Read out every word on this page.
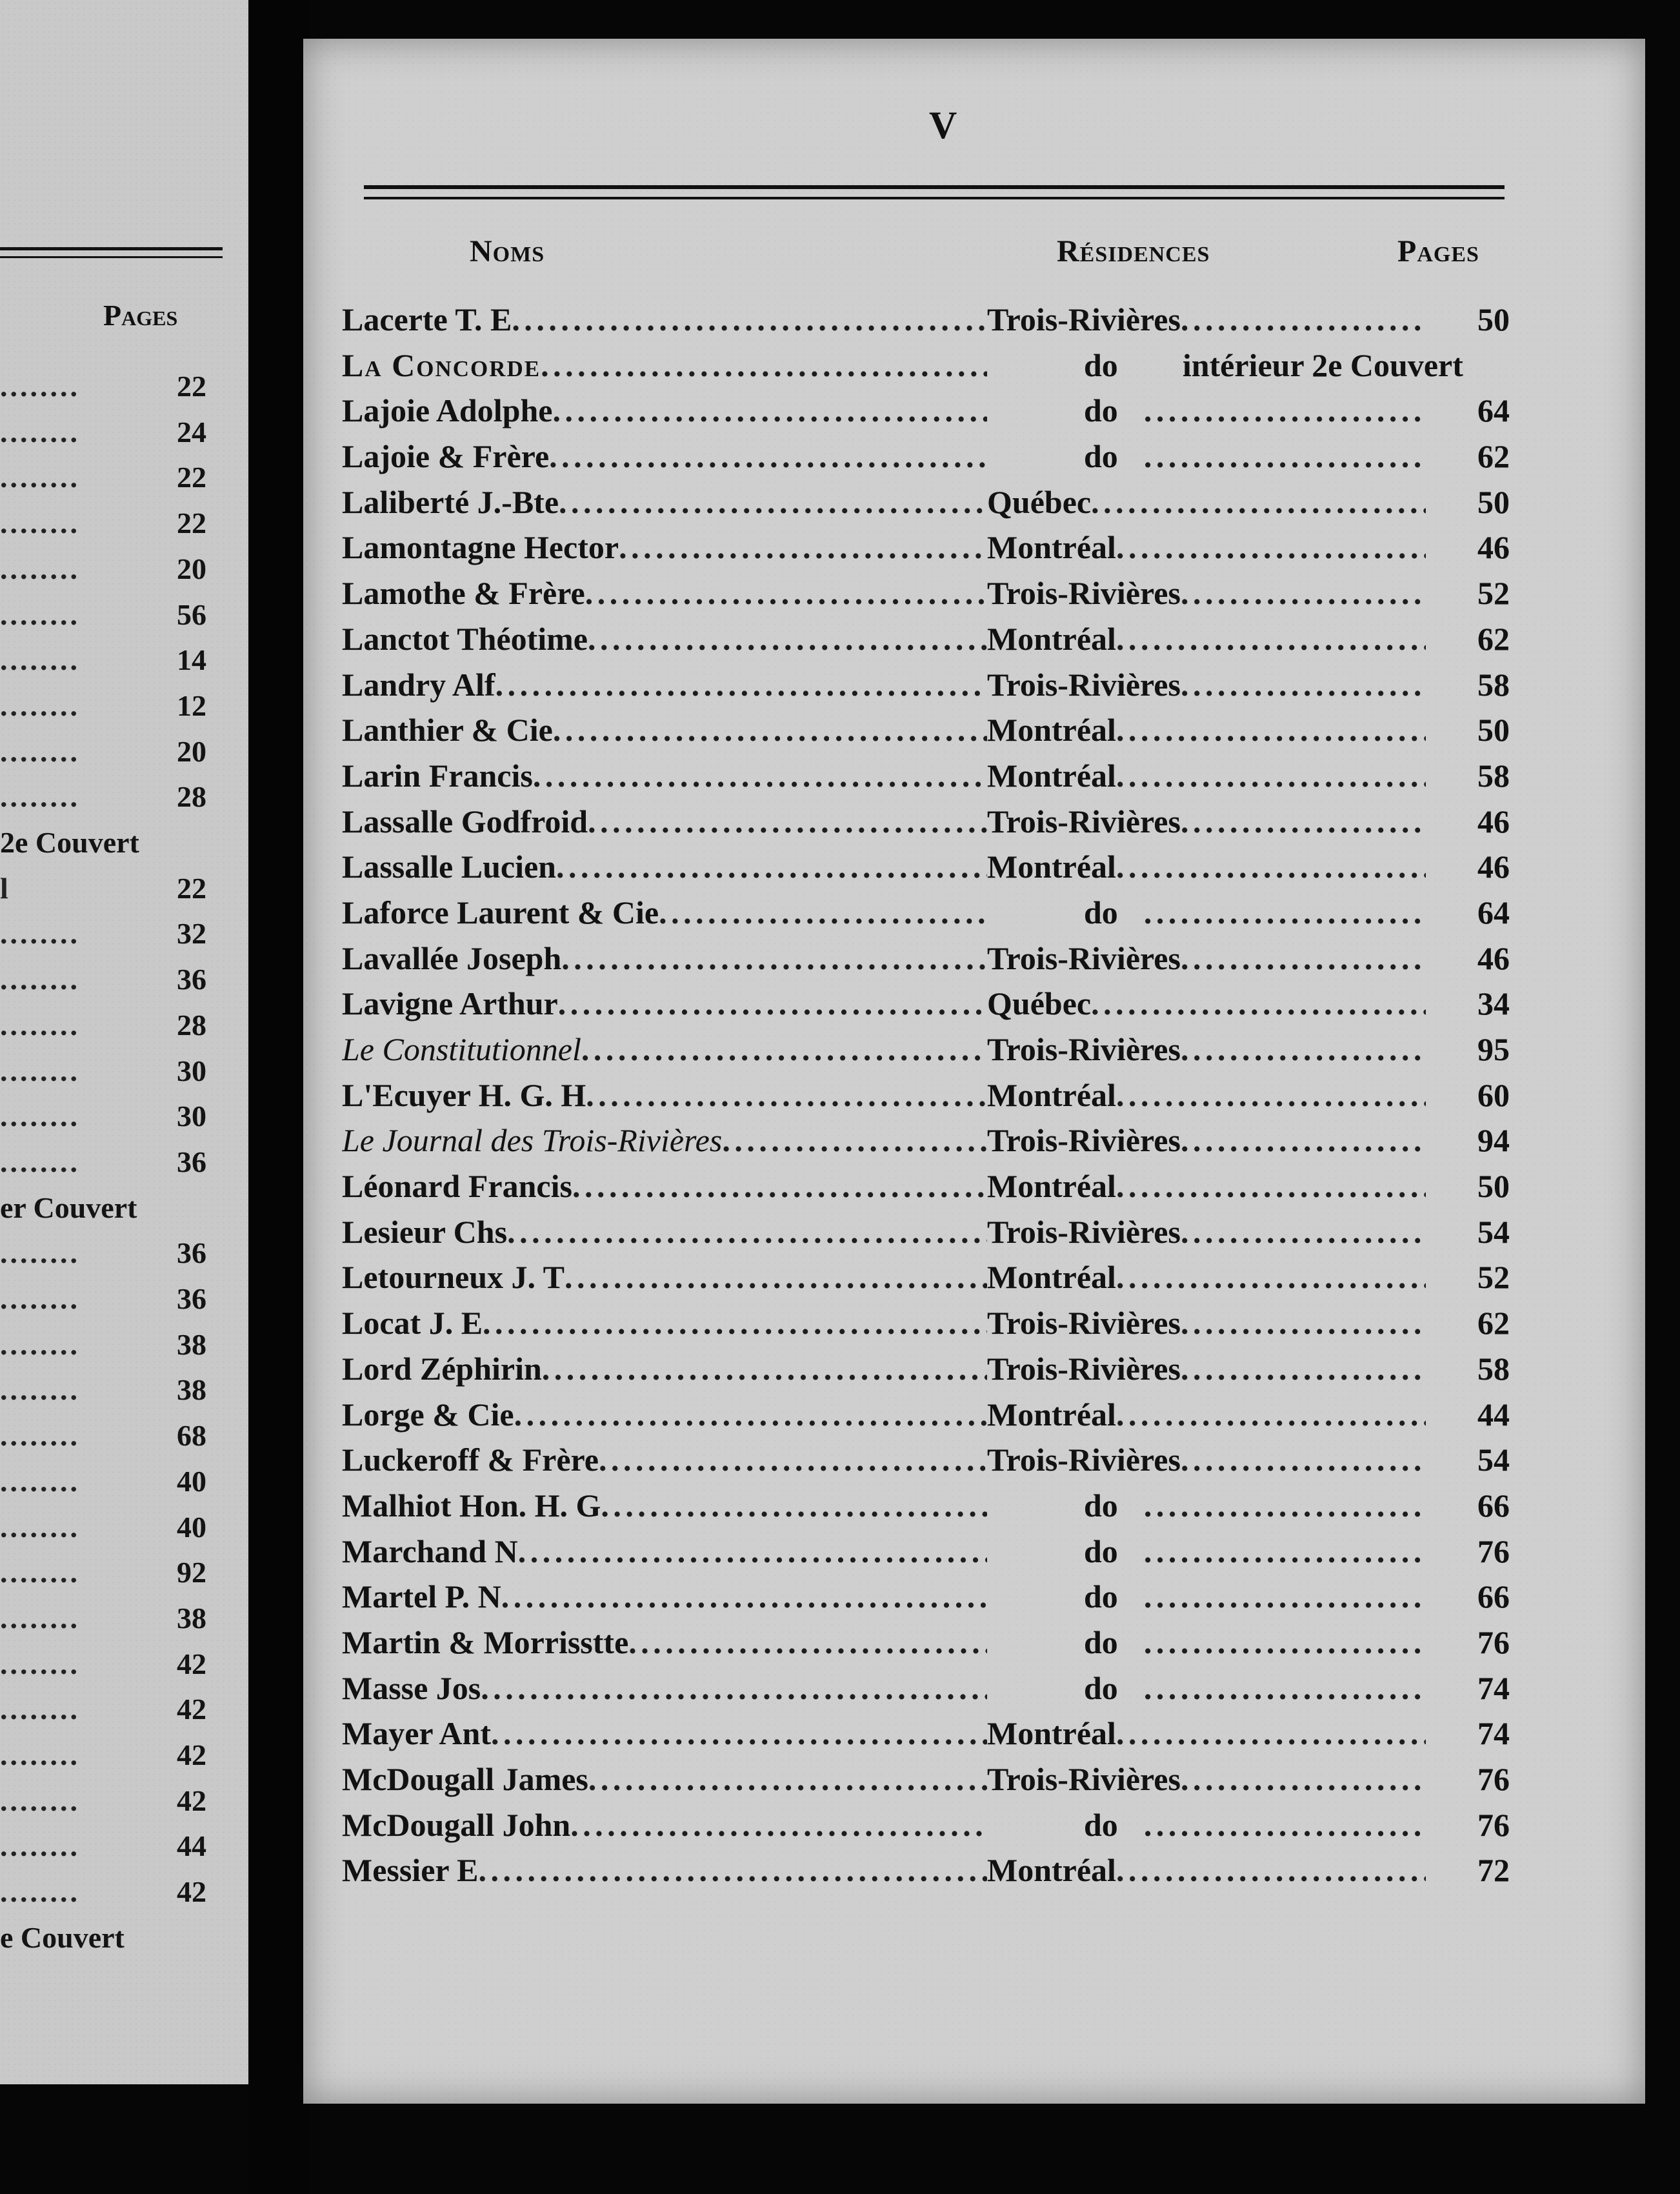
Pages
........	22
........	24
........	22
........	22
........	20
........	56
........	14
........	12
........	20
........	28
2e Couvert
l	22
........	32
........	36
........	28
........	30
........	30
........	36
er Couvert
........	36
........	36
........	38
........	38
........	68
........	40
........	40
........	92
........	38
........	42
........	42
........	42
........	42
........	44
........	42
e Couvert
V
Noms	Résidences	Pages
Lacerte T. E . . .	Trois-Rivières . . .	50
La Concorde . . .	do	intérieur 2e Couvert
Lajoie Adolphe . . .	do . . .	64
Lajoie & Frère . . .	do . . .	62
Laliberté J.-Bte . . .	Québec . . .	50
Lamontagne Hector . . .	Montréal . . .	46
Lamothe & Frère . . .	Trois-Rivières . . .	52
Lanctot Théotime . . .	Montréal . . .	62
Landry Alf . . .	Trois-Rivières . . .	58
Lanthier & Cie . . .	Montréal . . .	50
Larin Francis . . .	Montréal . . .	58
Lassalle Godfroid . . .	Trois-Rivières . . .	46
Lassalle Lucien . . .	Montréal . . .	46
Laforce Laurent & Cie . . .	do . . .	64
Lavallée Joseph . . .	Trois-Rivières . . .	46
Lavigne Arthur . . .	Québec . . .	34
Le Constitutionnel . . .	Trois-Rivières . . .	95
L'Ecuyer H. G. H . . .	Montréal . . .	60
Le Journal des Trois-Rivières . . .	Trois-Rivières . . .	94
Léonard Francis . . .	Montréal . . .	50
Lesieur Chs . . .	Trois-Rivières . . .	54
Letourneux J. T . . .	Montréal . . .	52
Locat J. E . . .	Trois-Rivières . . .	62
Lord Zéphirin . . .	Trois-Rivières . . .	58
Lorge & Cie . . .	Montréal . . .	44
Luckeroff & Frère . . .	Trois-Rivières . . .	54
Malhiot Hon. H. G . . .	do . . .	66
Marchand N . . .	do . . .	76
Martel P. N . . .	do . . .	66
Martin & Morrisstte . . .	do . . .	76
Masse Jos . . .	do . . .	74
Mayer Ant . . .	Montréal . . .	74
McDougall James . . .	Trois-Rivières . . .	76
McDougall John . . .	do . . .	76
Messier E . . .	Montréal . . .	72
